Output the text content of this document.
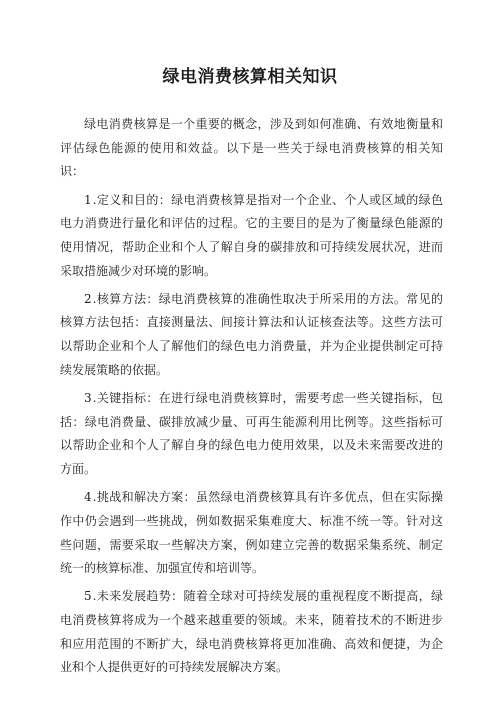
绿电消费核算相关知识

绿电消费核算是一个重要的概念，涉及到如何准确、有效地衡量和评估绿色能源的使用和效益。以下是一些关于绿电消费核算的相关知识：

1.定义和目的：绿电消费核算是指对一个企业、个人或区域的绿色电力消费进行量化和评估的过程。它的主要目的是为了衡量绿色能源的使用情况，帮助企业和个人了解自身的碳排放和可持续发展状况，进而采取措施减少对环境的影响。

2.核算方法：绿电消费核算的准确性取决于所采用的方法。常见的核算方法包括：直接测量法、间接计算法和认证核查法等。这些方法可以帮助企业和个人了解他们的绿色电力消费量，并为企业提供制定可持续发展策略的依据。

3.关键指标：在进行绿电消费核算时，需要考虑一些关键指标，包括：绿电消费量、碳排放减少量、可再生能源利用比例等。这些指标可以帮助企业和个人了解自身的绿色电力使用效果，以及未来需要改进的方面。

4.挑战和解决方案：虽然绿电消费核算具有许多优点，但在实际操作中仍会遇到一些挑战，例如数据采集难度大、标准不统一等。针对这些问题，需要采取一些解决方案，例如建立完善的数据采集系统、制定统一的核算标准、加强宣传和培训等。

5.未来发展趋势：随着全球对可持续发展的重视程度不断提高，绿电消费核算将成为一个越来越重要的领域。未来，随着技术的不断进步和应用范围的不断扩大，绿电消费核算将更加准确、高效和便捷，为企业和个人提供更好的可持续发展解决方案。
